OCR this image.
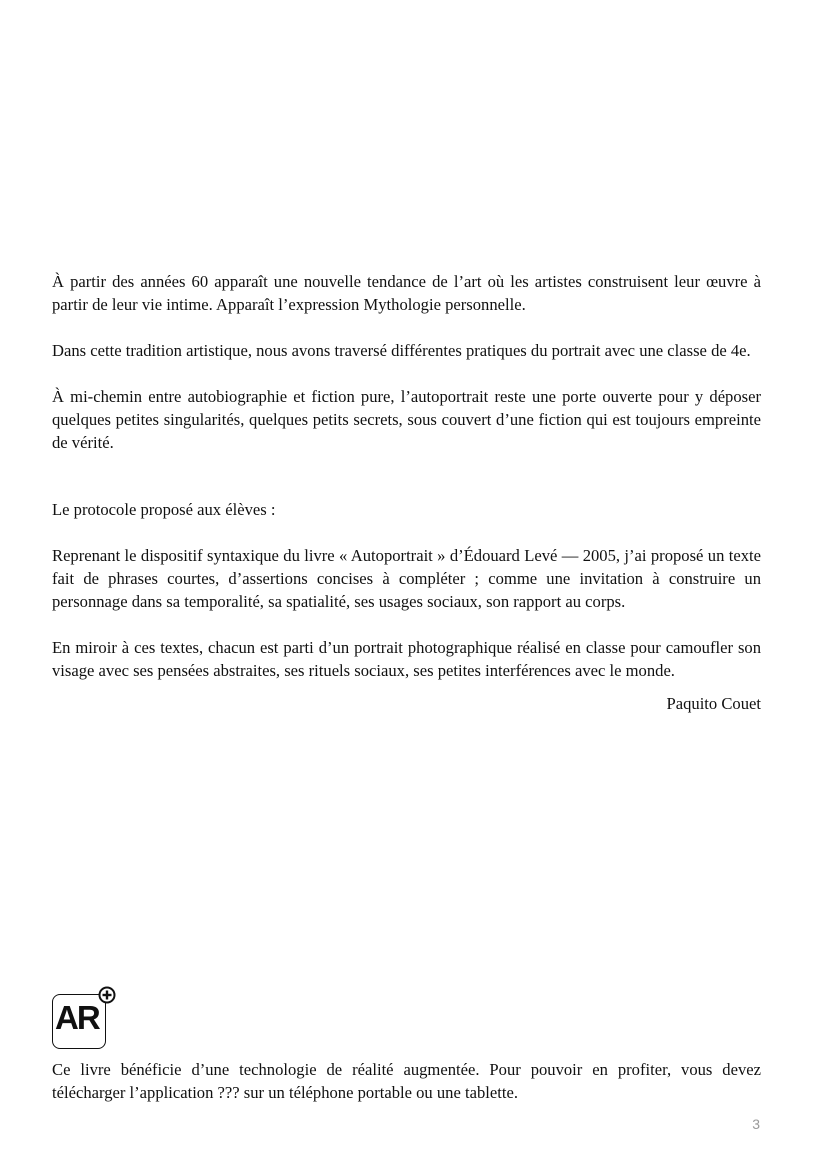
À partir des années 60 apparaît une nouvelle tendance de l’art où les artistes construisent leur œuvre à partir de leur vie intime. Apparaît l’expression Mythologie personnelle.

Dans cette tradition artistique, nous avons traversé différentes pratiques du portrait avec une classe de 4e.

À mi-chemin entre autobiographie et fiction pure, l’autoportrait reste une porte ouverte pour y déposer quelques petites singularités, quelques petits secrets, sous couvert d’une fiction qui est toujours empreinte de vérité.

Le protocole proposé aux élèves :

Reprenant le dispositif syntaxique du livre « Autoportrait » d’Édouard Levé — 2005, j’ai proposé un texte fait de phrases courtes, d’assertions concises à compléter ; comme une invitation à construire un personnage dans sa temporalité, sa spatialité, ses usages sociaux, son rapport au corps.

En miroir à ces textes, chacun est parti d’un portrait photographique réalisé en classe pour camoufler son visage avec ses pensées abstraites, ses rituels sociaux, ses petites interférences avec le monde.

Paquito Couet

AR

Ce livre bénéficie d’une technologie de réalité augmentée. Pour pouvoir en profiter, vous devez télécharger l’application ??? sur un téléphone portable ou une tablette.

3
